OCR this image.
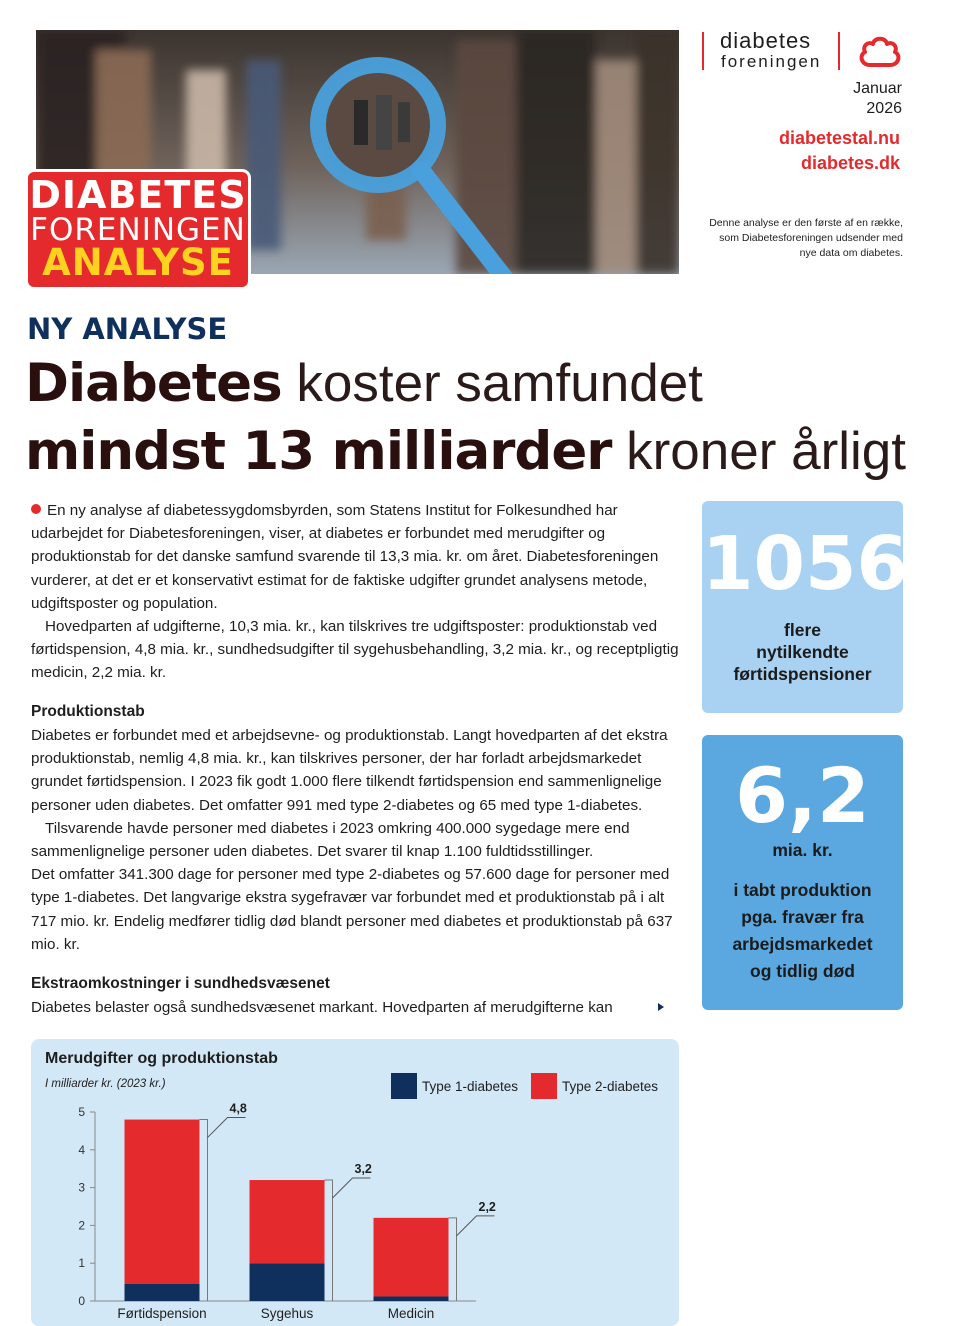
DIABETES
FORENINGEN
ANALYSE
diabetes
foreningen
Januar
2026
diabetestal.nu
diabetes.dk
Denne analyse er den første af en række, som Diabetesforeningen udsender med nye data om diabetes.
NY ANALYSE
Diabetes koster samfundet
mindst 13 milliarder kroner årligt

En ny analyse af diabetessygdomsbyrden, som Statens Institut for Folkesundhed har udarbejdet for Diabetesforeningen, viser, at diabetes er forbundet med merudgifter og produktionstab for det danske samfund svarende til 13,3 mia. kr. om året. Diabetesforeningen vurderer, at det er et konservativt estimat for de faktiske udgifter grundet analysens metode, udgiftsposter og population.

Hovedparten af udgifterne, 10,3 mia. kr., kan tilskrives tre udgiftsposter: produktionstab ved førtidspension, 4,8 mia. kr., sundhedsudgifter til sygehusbehandling, 3,2 mia. kr., og receptpligtig medicin, 2,2 mia. kr.

Produktionstab

Diabetes er forbundet med et arbejdsevne- og produktionstab. Langt hovedparten af det ekstra produktionstab, nemlig 4,8 mia. kr., kan tilskrives personer, der har forladt arbejdsmarkedet grundet førtidspension. I 2023 fik godt 1.000 flere tilkendt førtidspension end sammenlignelige personer uden diabetes. Det omfatter 991 med type 2-diabetes og 65 med type 1-diabetes.

Tilsvarende havde personer med diabetes i 2023 omkring 400.000 sygedage mere end sammenlignelige personer uden diabetes. Det svarer til knap 1.100 fuldtidsstillinger.

Det omfatter 341.300 dage for personer med type 2-diabetes og 57.600 dage for personer med type 1-diabetes. Det langvarige ekstra sygefravær var forbundet med et produktionstab på i alt 717 mio. kr. Endelig medfører tidlig død blandt personer med diabetes et produktionstab på 637 mio. kr.

Ekstraomkostninger i sundhedsvæsenet
Diabetes belaster også sundhedsvæsenet markant. Hovedparten af merudgifterne kan
1056
flere
nytilkendte
førtidspensioner
6,2
mia. kr.
i tabt produktion
pga. fravær fra
arbejdsmarkedet
og tidlig død
Merudgifter og produktionstab
I milliarder kr. (2023 kr.)
0
1
2
3
4
5	4,8
Førtidspension
3,2
Sygehus
2,2
Medicin
Type 1-diabetes	Type 2-diabetes
